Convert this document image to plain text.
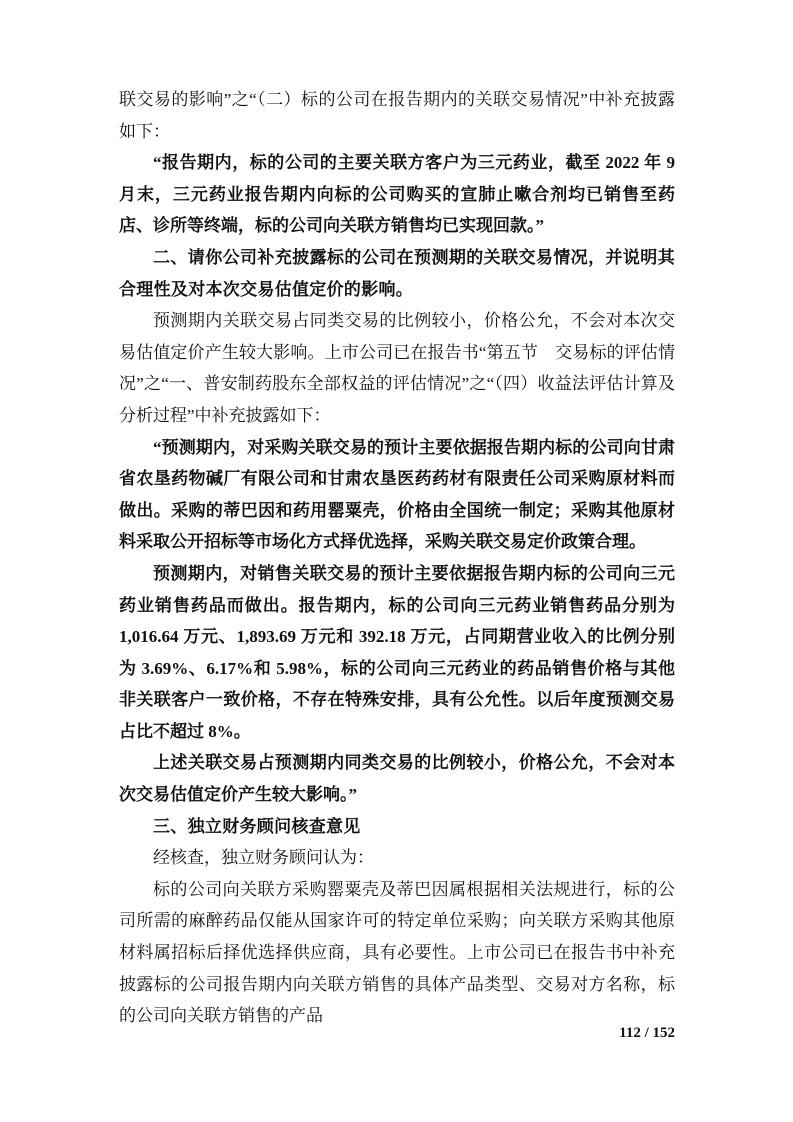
联交易的影响”之“（二）标的公司在报告期内的关联交易情况”中补充披露如下：

“报告期内，标的公司的主要关联方客户为三元药业，截至 2022 年 9 月末，三元药业报告期内向标的公司购买的宣肺止嗽合剂均已销售至药店、诊所等终端，标的公司向关联方销售均已实现回款。”

二、请你公司补充披露标的公司在预测期的关联交易情况，并说明其合理性及对本次交易估值定价的影响。

预测期内关联交易占同类交易的比例较小，价格公允，不会对本次交易估值定价产生较大影响。上市公司已在报告书“第五节　交易标的评估情况”之“一、普安制药股东全部权益的评估情况”之“（四）收益法评估计算及分析过程”中补充披露如下：

“预测期内，对采购关联交易的预计主要依据报告期内标的公司向甘肃省农垦药物碱厂有限公司和甘肃农垦医药药材有限责任公司采购原材料而做出。采购的蒂巴因和药用罂粟壳，价格由全国统一制定；采购其他原材料采取公开招标等市场化方式择优选择，采购关联交易定价政策合理。

预测期内，对销售关联交易的预计主要依据报告期内标的公司向三元药业销售药品而做出。报告期内，标的公司向三元药业销售药品分别为 1,016.64 万元、1,893.69 万元和 392.18 万元，占同期营业收入的比例分别为 3.69%、6.17%和 5.98%，标的公司向三元药业的药品销售价格与其他非关联客户一致价格，不存在特殊安排，具有公允性。以后年度预测交易占比不超过 8%。

上述关联交易占预测期内同类交易的比例较小，价格公允，不会对本次交易估值定价产生较大影响。”

三、独立财务顾问核查意见

经核查，独立财务顾问认为：

标的公司向关联方采购罂粟壳及蒂巴因属根据相关法规进行，标的公司所需的麻醉药品仅能从国家许可的特定单位采购；向关联方采购其他原材料属招标后择优选择供应商，具有必要性。上市公司已在报告书中补充披露标的公司报告期内向关联方销售的具体产品类型、交易对方名称，标的公司向关联方销售的产品

112 / 152
